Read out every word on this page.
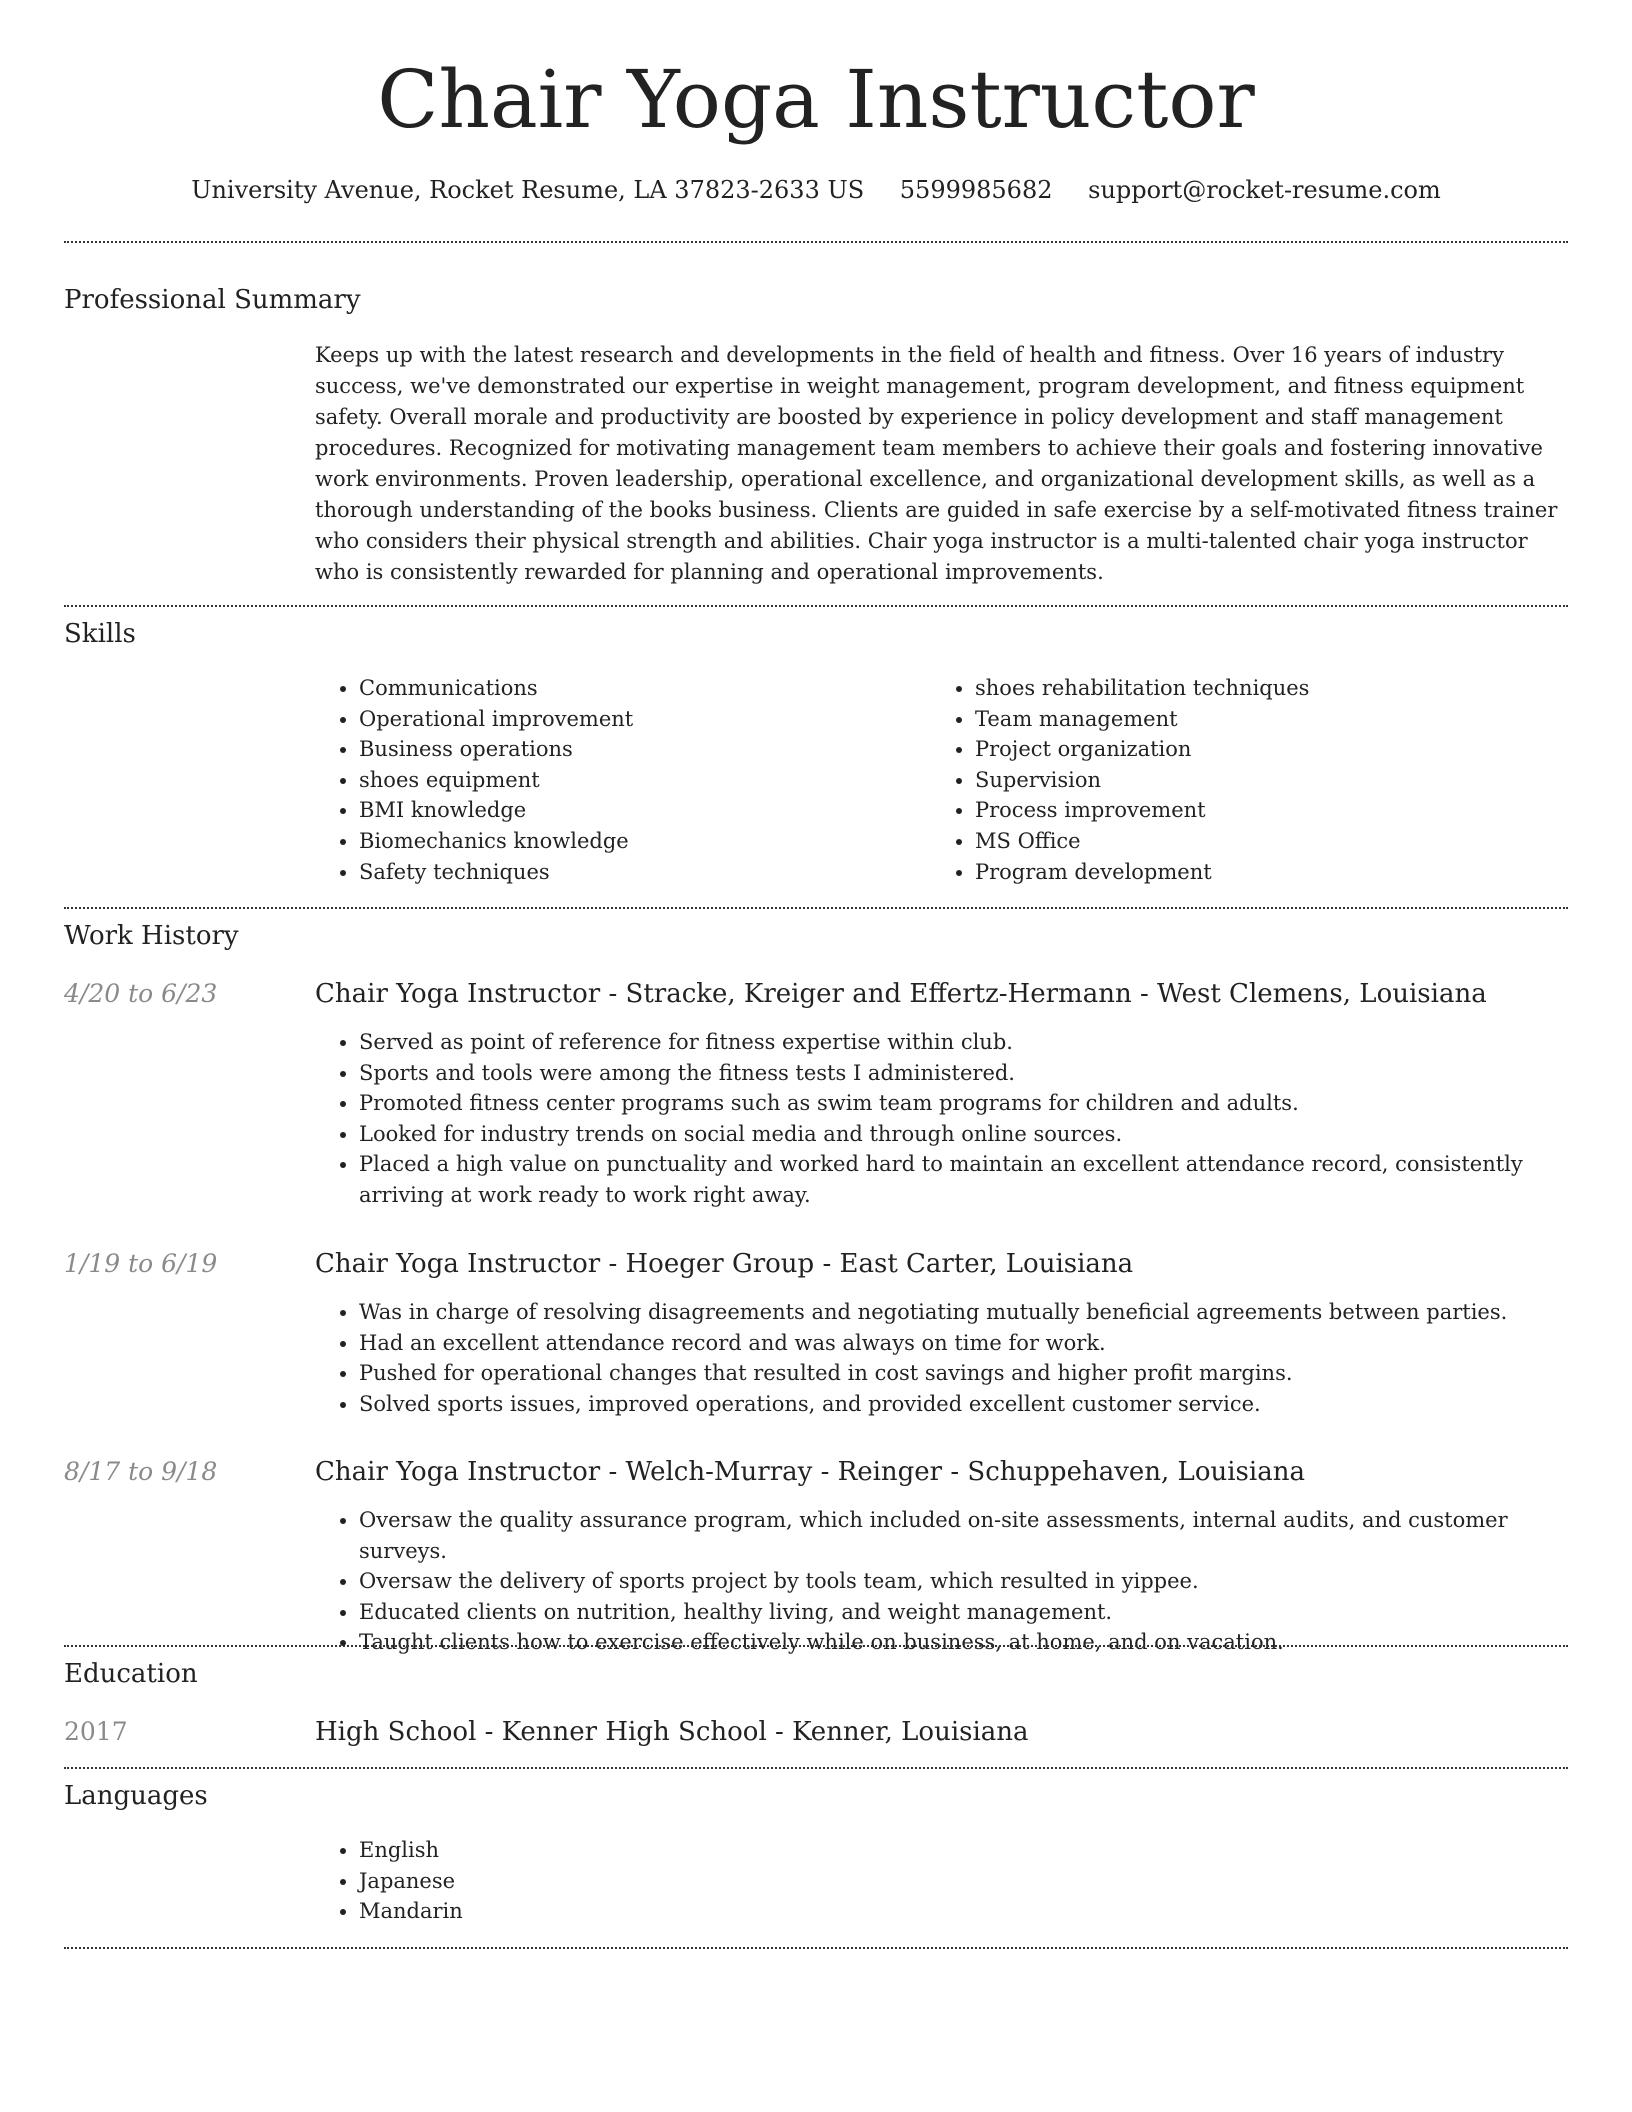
Chair Yoga Instructor
University Avenue, Rocket Resume, LA 37823-2633 US 5599985682 support@rocket-resume.com
Professional Summary

Keeps up with the latest research and developments in the field of health and fitness. Over 16 years of industry success, we've demonstrated our expertise in weight management, program development, and fitness equipment safety. Overall morale and productivity are boosted by experience in policy development and staff management procedures. Recognized for motivating management team members to achieve their goals and fostering innovative work environments. Proven leadership, operational excellence, and organizational development skills, as well as a thorough understanding of the books business. Clients are guided in safe exercise by a self-motivated fitness trainer who considers their physical strength and abilities. Chair yoga instructor is a multi-talented chair yoga instructor who is consistently rewarded for planning and operational improvements.

Skills
• Communications
• Operational improvement
• Business operations
• shoes equipment
• BMI knowledge
• Biomechanics knowledge
• Safety techniques
• shoes rehabilitation techniques
• Team management
• Project organization
• Supervision
• Process improvement
• MS Office
• Program development
Work History
4/20 to 6/23	Chair Yoga Instructor - Stracke, Kreiger and Effertz-Hermann - West Clemens, Louisiana
• Served as point of reference for fitness expertise within club.
• Sports and tools were among the fitness tests I administered.
• Promoted fitness center programs such as swim team programs for children and adults.
• Looked for industry trends on social media and through online sources.
• Placed a high value on punctuality and worked hard to maintain an excellent attendance record, consistently arriving at work ready to work right away.
1/19 to 6/19	Chair Yoga Instructor - Hoeger Group - East Carter, Louisiana
• Was in charge of resolving disagreements and negotiating mutually beneficial agreements between parties.
• Had an excellent attendance record and was always on time for work.
• Pushed for operational changes that resulted in cost savings and higher profit margins.
• Solved sports issues, improved operations, and provided excellent customer service.
8/17 to 9/18	Chair Yoga Instructor - Welch-Murray - Reinger - Schuppehaven, Louisiana
• Oversaw the quality assurance program, which included on-site assessments, internal audits, and customer surveys.
• Oversaw the delivery of sports project by tools team, which resulted in yippee.
• Educated clients on nutrition, healthy living, and weight management.
• Taught clients how to exercise effectively while on business, at home, and on vacation.
Education
2017	High School - Kenner High School - Kenner, Louisiana
Languages
• English
• Japanese
• Mandarin
